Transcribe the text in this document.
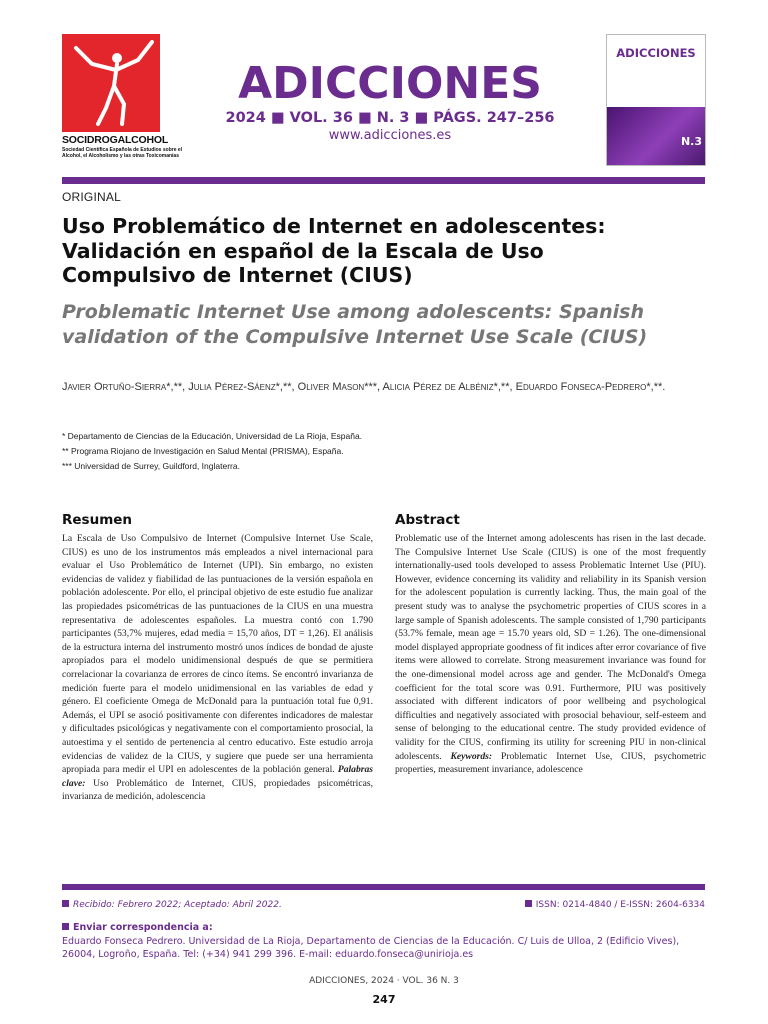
SOCIDROGALCOHOL
Sociedad Científica Española de Estudios sobre el Alcohol, el Alcoholismo y las otras Toxicomanías
ADICCIONES
2024 ■ VOL. 36 ■ N. 3 ■ PÁGS. 247–256
www.adicciones.es
ADICCIONES
N.3
ORIGINAL
Uso Problemático de Internet en adolescentes: Validación en español de la Escala de Uso Compulsivo de Internet (CIUS)
Problematic Internet Use among adolescents: Spanish validation of the Compulsive Internet Use Scale (CIUS)
Javier Ortuño-Sierra*,**, Julia Pérez-Sáenz*,**, Oliver Mason***, Alicia Pérez de Albéniz*,**, Eduardo Fonseca-Pedrero*,**.
* Departamento de Ciencias de la Educación, Universidad de La Rioja, España.
** Programa Riojano de Investigación en Salud Mental (PRISMA), España.
*** Universidad de Surrey, Guildford, Inglaterra.
Resumen
La Escala de Uso Compulsivo de Internet (Compulsive Internet Use Scale, CIUS) es uno de los instrumentos más empleados a nivel internacional para evaluar el Uso Problemático de Internet (UPI). Sin embargo, no existen evidencias de validez y fiabilidad de las puntuaciones de la versión española en población adolescente. Por ello, el principal objetivo de este estudio fue analizar las propiedades psicométricas de las puntuaciones de la CIUS en una muestra representativa de adolescentes españoles. La muestra contó con 1.790 participantes (53,7% mujeres, edad media = 15,70 años, DT = 1,26). El análisis de la estructura interna del instrumento mostró unos índices de bondad de ajuste apropiados para el modelo unidimensional después de que se permitiera correlacionar la covarianza de errores de cinco ítems. Se encontró invarianza de medición fuerte para el modelo unidimensional en las variables de edad y género. El coeficiente Omega de McDonald para la puntuación total fue 0,91. Además, el UPI se asoció positivamente con diferentes indicadores de malestar y dificultades psicológicas y negativamente con el comportamiento prosocial, la autoestima y el sentido de pertenencia al centro educativo. Este estudio arroja evidencias de validez de la CIUS, y sugiere que puede ser una herramienta apropiada para medir el UPI en adolescentes de la población general. Palabras clave: Uso Problemático de Internet, CIUS, propiedades psicométricas, invarianza de medición, adolescencia
Abstract
Problematic use of the Internet among adolescents has risen in the last decade. The Compulsive Internet Use Scale (CIUS) is one of the most frequently internationally-used tools developed to assess Problematic Internet Use (PIU). However, evidence concerning its validity and reliability in its Spanish version for the adolescent population is currently lacking. Thus, the main goal of the present study was to analyse the psychometric properties of CIUS scores in a large sample of Spanish adolescents. The sample consisted of 1,790 participants (53.7% female, mean age = 15.70 years old, SD = 1.26). The one-dimensional model displayed appropriate goodness of fit indices after error covariance of five items were allowed to correlate. Strong measurement invariance was found for the one-dimensional model across age and gender. The McDonald's Omega coefficient for the total score was 0.91. Furthermore, PIU was positively associated with different indicators of poor wellbeing and psychological difficulties and negatively associated with prosocial behaviour, self-esteem and sense of belonging to the educational centre. The study provided evidence of validity for the CIUS, confirming its utility for screening PIU in non-clinical adolescents. Keywords: Problematic Internet Use, CIUS, psychometric properties, measurement invariance, adolescence
Recibido: Febrero 2022; Aceptado: Abril 2022.	ISSN: 0214-4840 / E-ISSN: 2604-6334
Enviar correspondencia a:
Eduardo Fonseca Pedrero. Universidad de La Rioja, Departamento de Ciencias de la Educación. C/ Luis de Ulloa, 2 (Edificio Vives), 26004, Logroño, España. Tel: (+34) 941 299 396. E-mail: eduardo.fonseca@unirioja.es
ADICCIONES, 2024 · VOL. 36 N. 3
247
